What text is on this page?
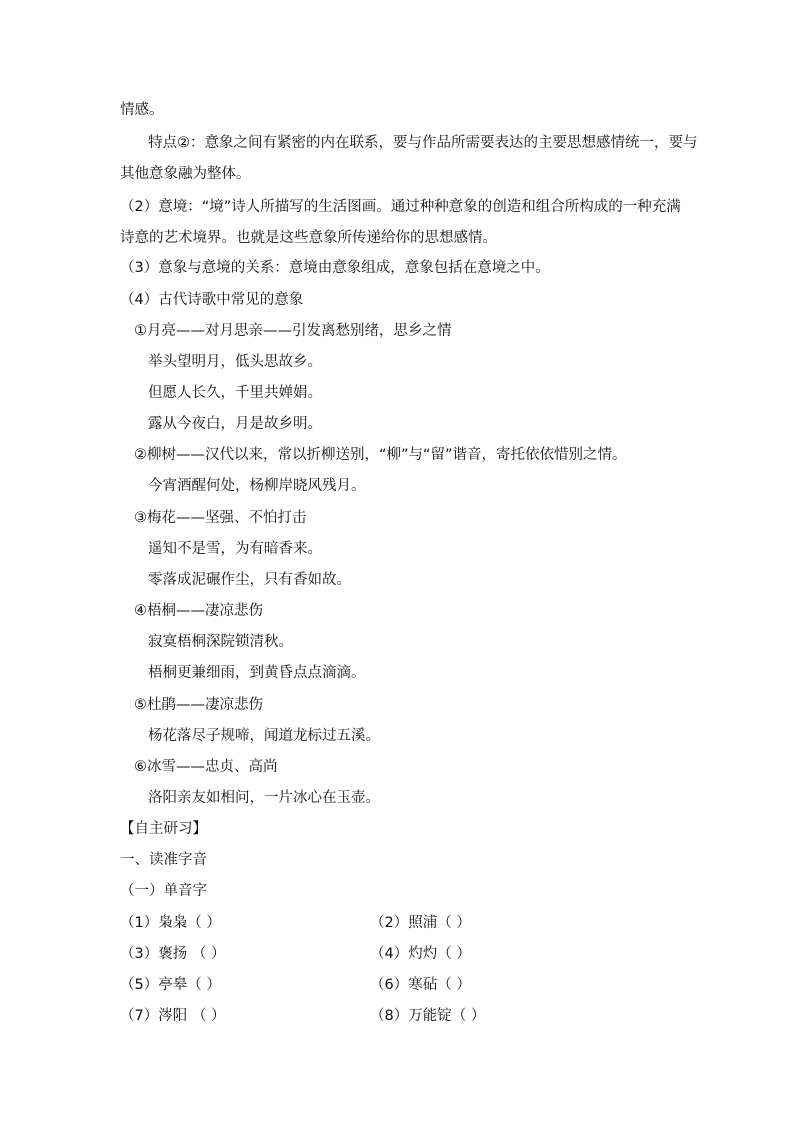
情感。
特点②：意象之间有紧密的内在联系，要与作品所需要表达的主要思想感情统一，要与
其他意象融为整体。
（2）意境：“境”诗人所描写的生活图画。通过种种意象的创造和组合所构成的一种充满
诗意的艺术境界。也就是这些意象所传递给你的思想感情。
（3）意象与意境的关系：意境由意象组成，意象包括在意境之中。
（4）古代诗歌中常见的意象
①月亮——对月思亲——引发离愁别绪，思乡之情
举头望明月，低头思故乡。
但愿人长久，千里共婵娟。
露从今夜白，月是故乡明。
②柳树——汉代以来，常以折柳送别，“柳”与“留”谐音，寄托依依惜别之情。
今宵酒醒何处，杨柳岸晓风残月。
③梅花——坚强、不怕打击
遥知不是雪，为有暗香来。
零落成泥碾作尘，只有香如故。
④梧桐——凄凉悲伤
寂寞梧桐深院锁清秋。
梧桐更兼细雨，到黄昏点点滴滴。
⑤杜鹃——凄凉悲伤
杨花落尽子规啼，闻道龙标过五溪。
⑥冰雪——忠贞、高尚
洛阳亲友如相问，一片冰心在玉壶。
【自主研习】
一、读准字音
（一）单音字
（1）枭枭（ ）	（2）照浦（ ）
（3）褒扬 （ ）	（4）灼灼（ ）
（5）亭皋（ ）	（6）寒砧（ ）
（7）涔阳 （ ）	（8）万能锭（ ）
